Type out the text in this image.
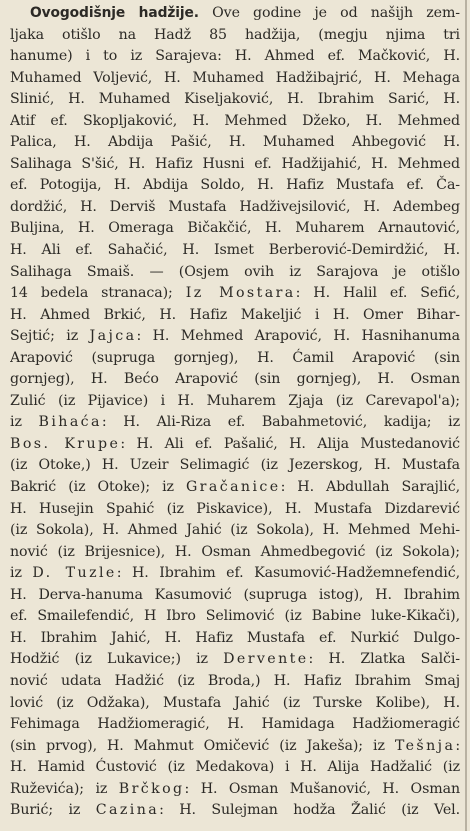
Ovogodišnje hadžije. Ove godine je od našijh zem-
ljaka otišlo na Hadž 85 hadžija, (megju njima tri
hanume) i to iz Sarajeva: H. Ahmed ef. Mačković, H.
Muhamed Voljević, H. Muhamed Hadžibajrić, H. Mehaga
Slinić, H. Muhamed Kiseljaković, H. Ibrahim Sarić, H.
Atif ef. Skopljaković, H. Mehmed Džeko, H. Mehmed
Palica, H. Abdija Pašić, H. Muhamed Ahbegović H.
Salihaga S'šić, H. Hafiz Husni ef. Hadžijahić, H. Mehmed
ef. Potogija, H. Abdija Soldo, H. Hafiz Mustafa ef. Ča-
dordžić, H. Derviš Mustafa Hadživejsilović, H. Adembeg
Buljina, H. Omeraga Bičakčić, H. Muharem Arnautović,
H. Ali ef. Sahačić, H. Ismet Berberović-Demirdžić, H.
Salihaga Smaiš. — (Osjem ovih iz Sarajova je otišlo
14 bedela stranaca); Iz Mostara: H. Halil ef. Sefić,
H. Ahmed Brkić, H. Hafiz Makeljić i H. Omer Bihar-
Sejtić; iz Jajca: H. Mehmed Arapović, H. Hasnihanuma
Arapović (supruga gornjeg), H. Ćamil Arapović (sin
gornjeg), H. Bećo Arapović (sin gornjeg), H. Osman
Zulić (iz Pijavice) i H. Muharem Zjaja (iz Carevapol'a);
iz Bihaća: H. Ali-Riza ef. Babahmetović, kadija; iz
Bos. Krupe: H. Ali ef. Pašalić, H. Alija Mustedanović
(iz Otoke,) H. Uzeir Selimagić (iz Jezerskog, H. Mustafa
Bakrić (iz Otoke); iz Gračanice: H. Abdullah Sarajlić,
H. Husejin Spahić (iz Piskavice), H. Mustafa Dizdarević
(iz Sokola), H. Ahmed Jahić (iz Sokola), H. Mehmed Mehi-
nović (iz Brijesnice), H. Osman Ahmedbegović (iz Sokola);
iz D. Tuzle: H. Ibrahim ef. Kasumović-Hadžemnefendić,
H. Derva-hanuma Kasumović (supruga istog), H. Ibrahim
ef. Smailefendić, H Ibro Selimović (iz Babine luke-Kikači),
H. Ibrahim Jahić, H. Hafiz Mustafa ef. Nurkić Dulgo-
Hodžić (iz Lukavice;) iz Dervente: H. Zlatka Salči-
nović udata Hadžić (iz Broda,) H. Hafiz Ibrahim Smaj
lović (iz Odžaka), Mustafa Jahić (iz Turske Kolibe), H.
Fehimaga Hadžiomeragić, H. Hamidaga Hadžiomeragić
(sin prvog), H. Mahmut Omičević (iz Jakeša); iz Tešnja:
H. Hamid Ćustović (iz Medakova) i H. Alija Hadžalić (iz
Ruževića); iz Brčkog: H. Osman Mušanović, H. Osman
Burić; iz Cazina: H. Sulejman hodža Žalić (iz Vel.
